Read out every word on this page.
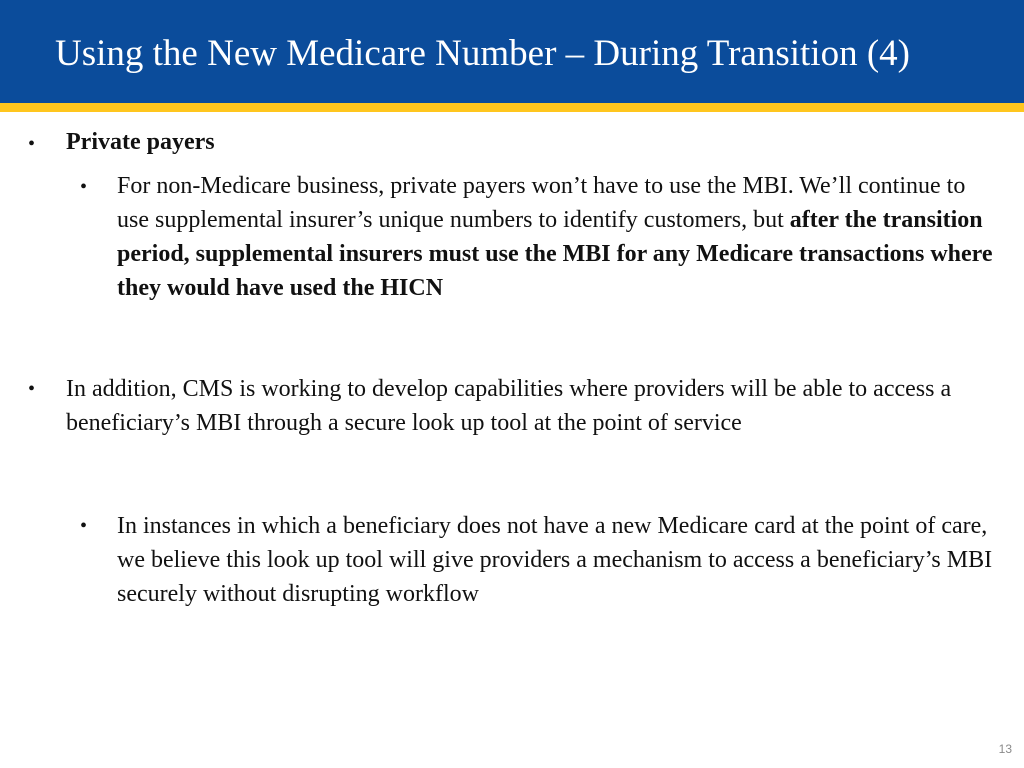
Using the New Medicare Number – During Transition (4)
• Private payers
• For non-Medicare business, private payers won’t have to use the MBI. We’ll continue to use supplemental insurer’s unique numbers to identify customers, but after the transition period, supplemental insurers must use the MBI for any Medicare transactions where they would have used the HICN
• In addition, CMS is working to develop capabilities where providers will be able to access a beneficiary’s MBI through a secure look up tool at the point of service
• In instances in which a beneficiary does not have a new Medicare card at the point of care, we believe this look up tool will give providers a mechanism to access a beneficiary’s MBI securely without disrupting workflow
13
